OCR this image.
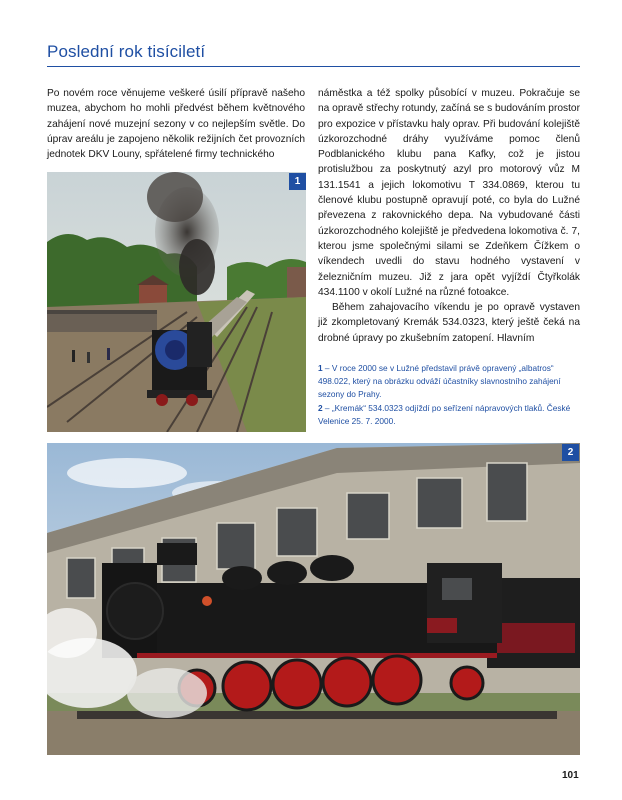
Poslední rok tisíciletí

Po novém roce věnujeme veškeré úsilí přípravě našeho muzea, abychom ho mohli předvést během květnového zahájení nové muzejní sezony v co nejlepším světle. Do úprav areálu je zapojeno několik režijních čet provozních jednotek DKV Louny, spřátelené firmy technického

náměstka a též spolky působící v muzeu. Pokračuje se na opravě střechy rotundy, začíná se s budováním prostor pro expozice v přístavku haly oprav. Při budování kolejiště úzkorozchodné dráhy využíváme pomoc členů Podblanického klubu pana Kafky, což je jistou protislužbou za poskytnutý azyl pro motorový vůz M 131.1541 a jejich lokomotivu T 334.0869, kterou tu členové klubu postupně opravují poté, co byla do Lužné převezena z rakovnického depa. Na vybudované části úzkorozchodného kolejiště je předvedena lokomotiva č. 7, kterou jsme společnými silami se Zdeňkem Čížkem o víkendech uvedli do stavu hodného vystavení v železničním muzeu. Již z jara opět vyjíždí Čtyřkolák 434.1100 v okolí Lužné na různé fotoakce.

Během zahajovacího víkendu je po opravě vystaven již zkompletovaný Kremák 534.0323, který ještě čeká na drobné úpravy po zkušebním zatopení. Hlavním

1
1 – V roce 2000 se v Lužné představil právě opravený „albatros“ 498.022, který na obrázku odváží účastníky slavnostního zahájení sezony do Prahy.
2 – „Kremák“ 534.0323 odjíždí po seřízení nápravových tlaků. České Velenice 25. 7. 2000.
2
101
